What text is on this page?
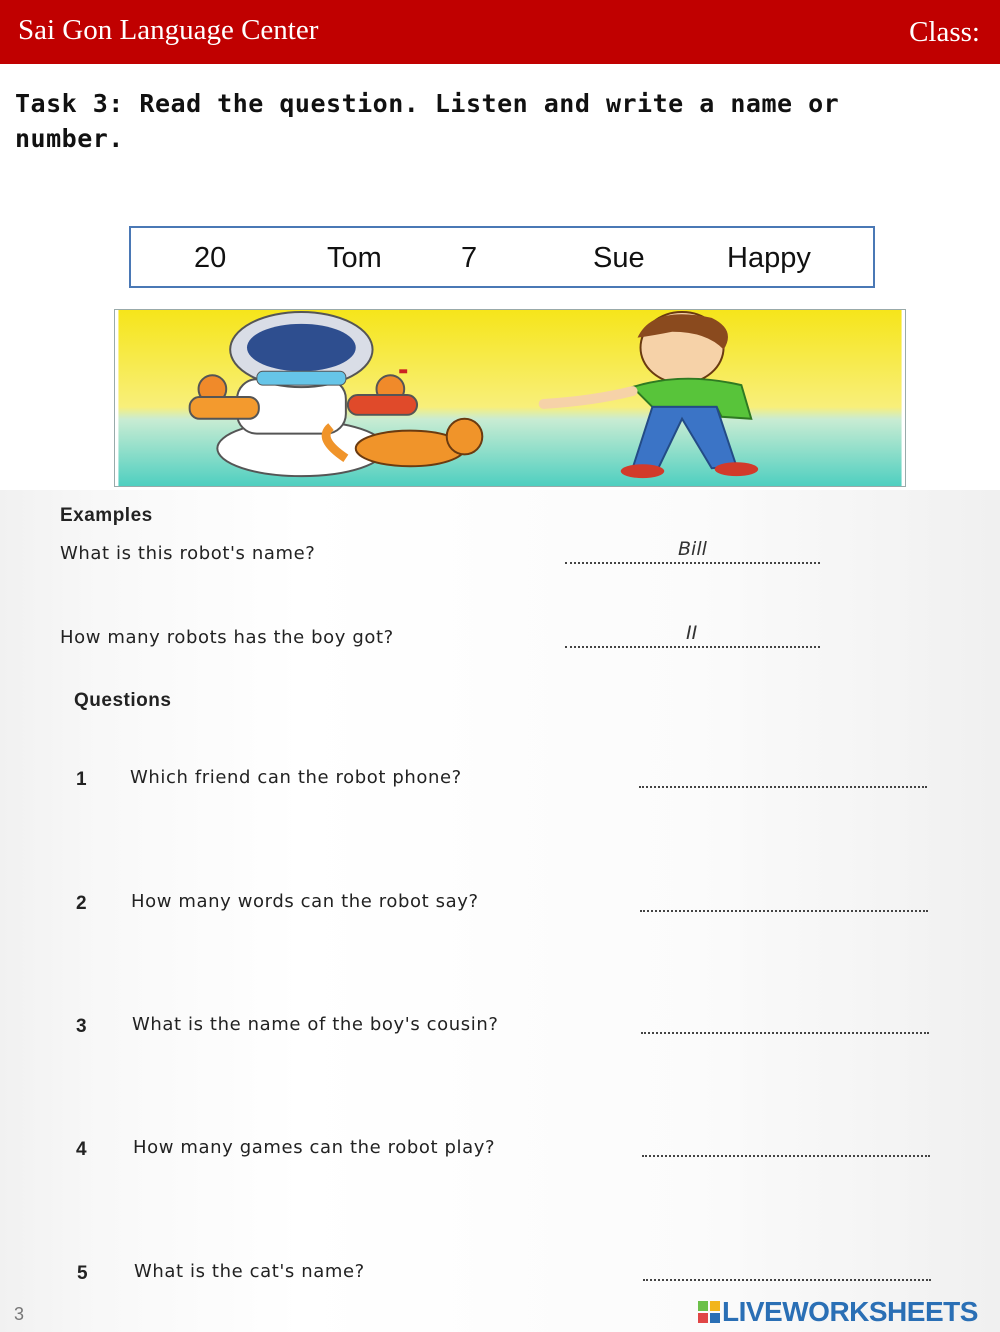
Sai Gon Language Center	Class:
Task 3: Read the question. Listen and write a name or
number.
20	Tom	7	Sue	Happy
Examples
What is this robot's name?	Bill
How many robots has the boy got?	II
Questions
1 Which friend can the robot phone?
2 How many words can the robot say?
3	What is the name of the boy's cousin?
4	How many games can the robot play?
5	What is the cat's name?
3	LIVEWORKSHEETS
